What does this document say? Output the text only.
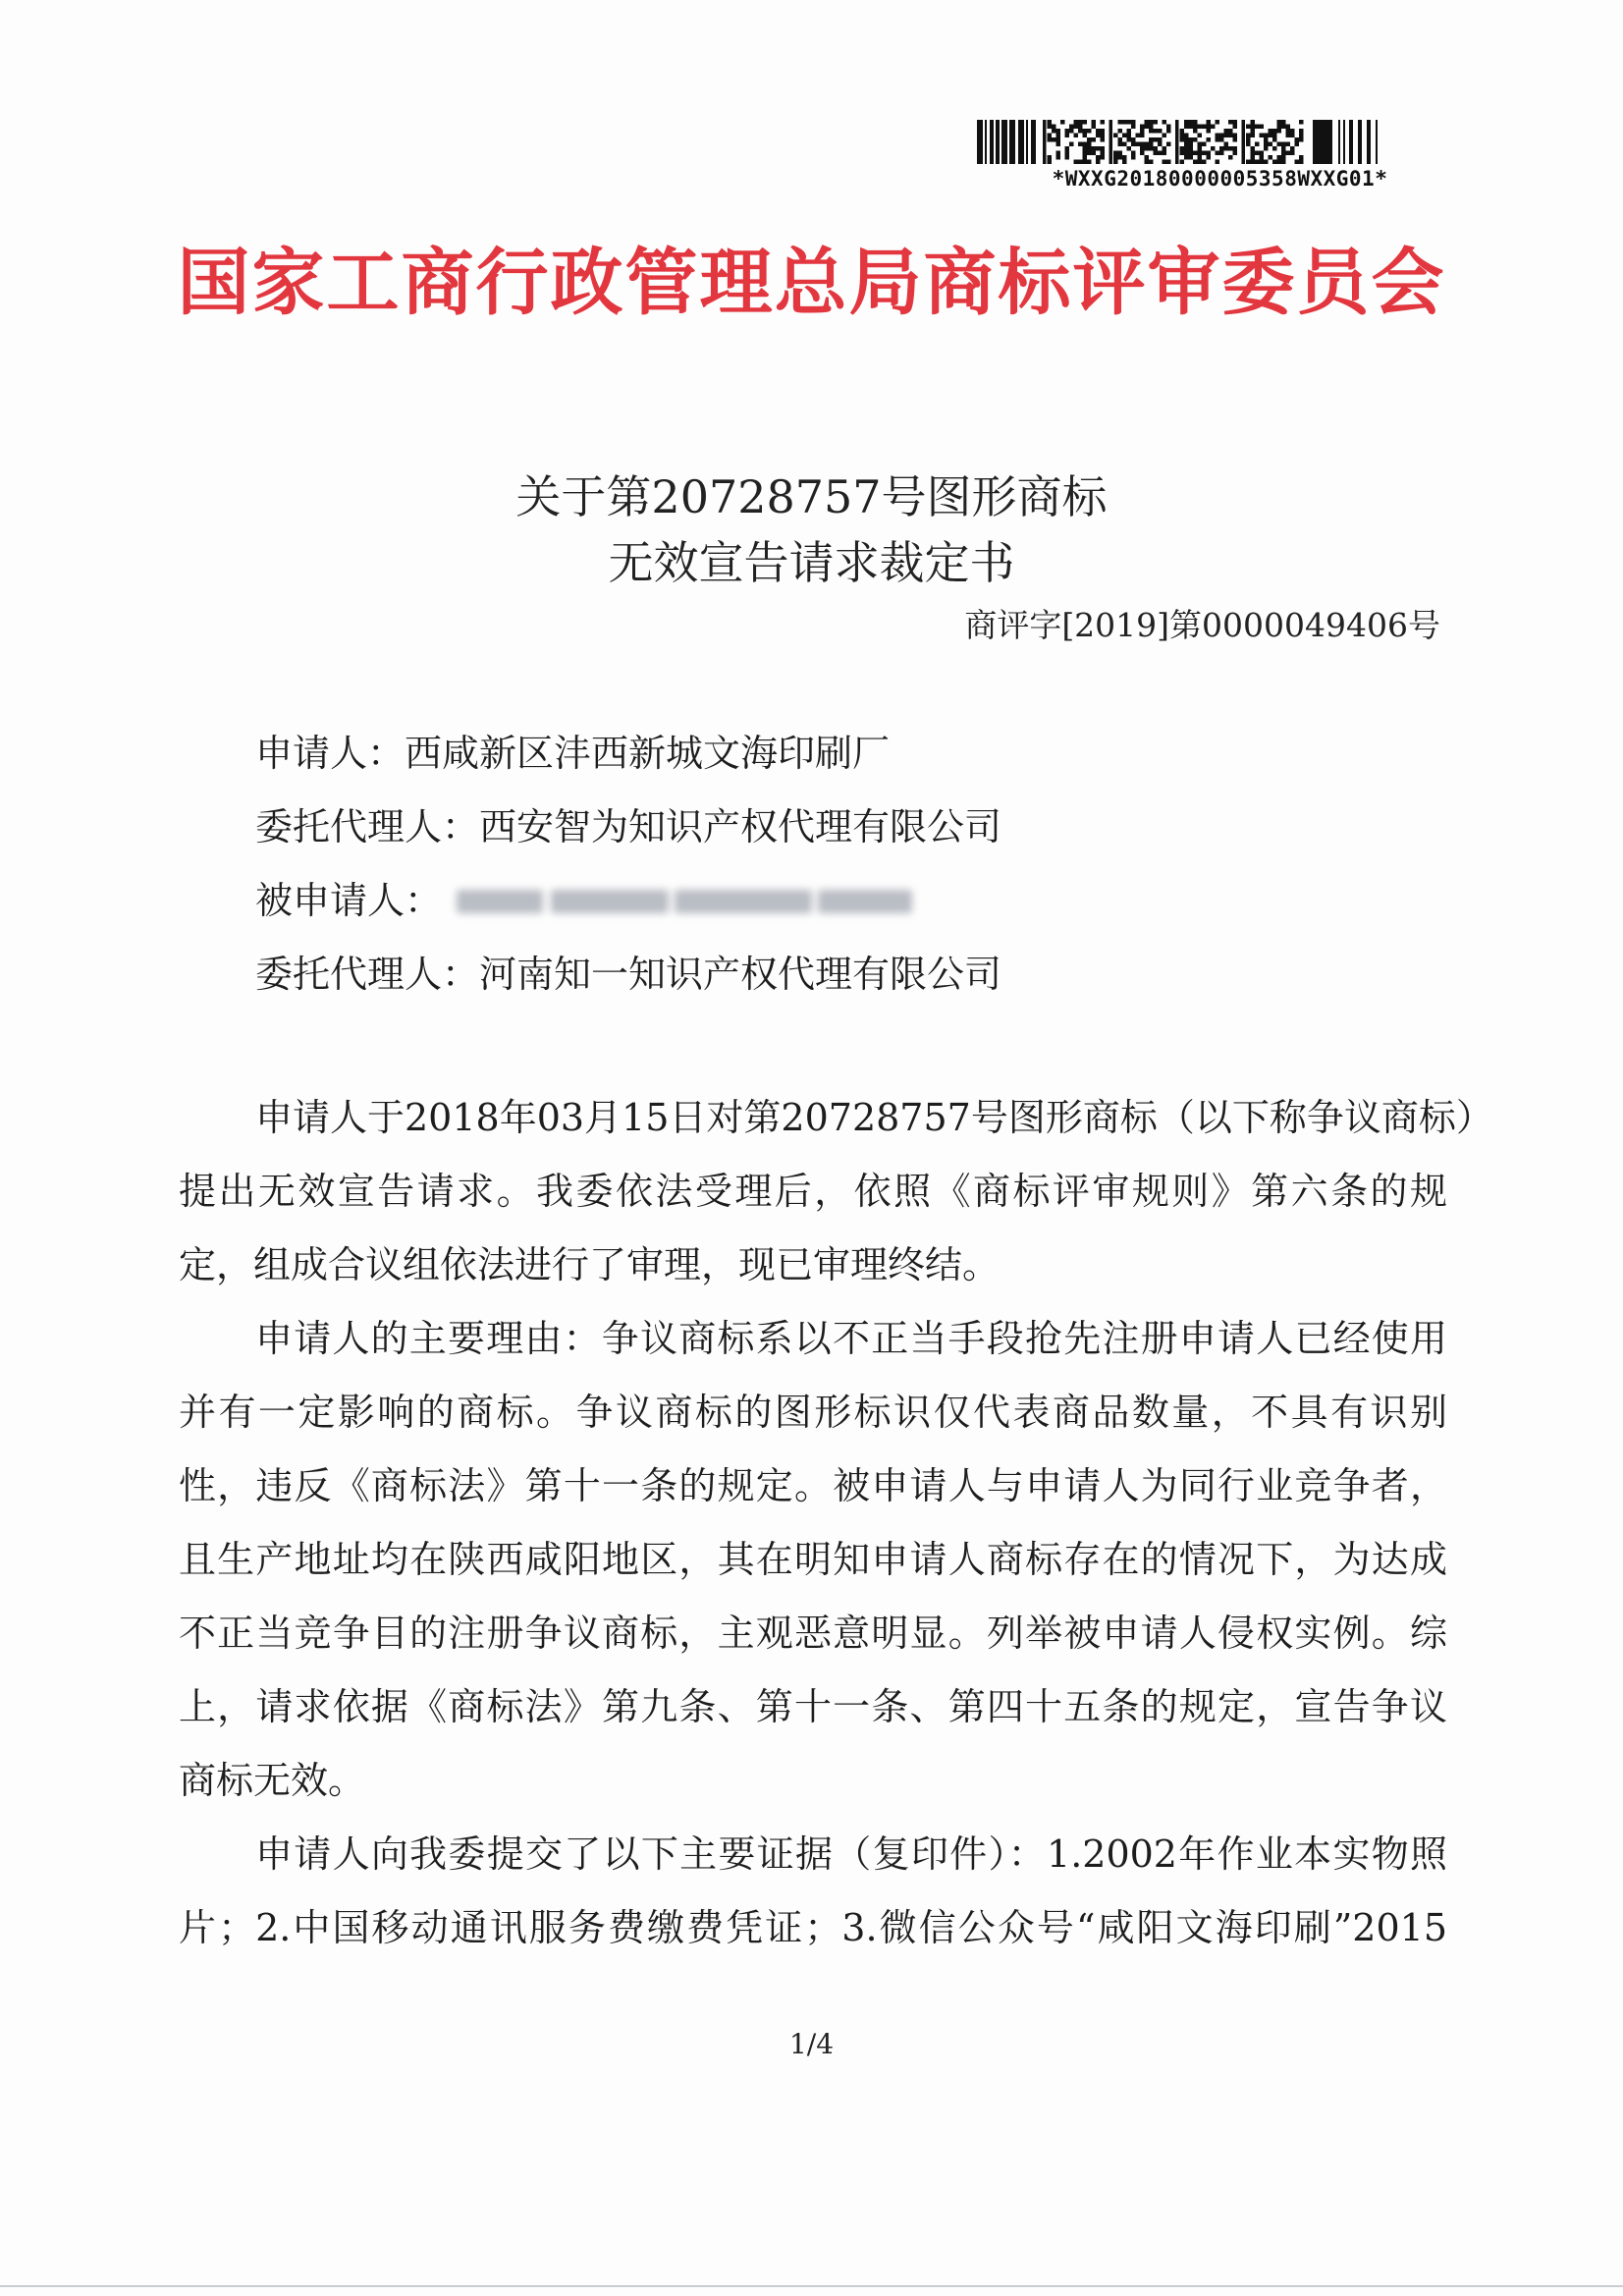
*WXXG20180000005358WXXG01*
国家工商行政管理总局商标评审委员会
关于第20728757号图形商标
无效宣告请求裁定书
商评字[2019]第0000049406号
申请人：西咸新区沣西新城文海印刷厂
委托代理人：西安智为知识产权代理有限公司
被申请人：
委托代理人：河南知一知识产权代理有限公司
申请人于2018年03月15日对第20728757号图形商标（以下称争议商标）
提出无效宣告请求。我委依法受理后，依照《商标评审规则》第六条的规
定，组成合议组依法进行了审理，现已审理终结。
申请人的主要理由：争议商标系以不正当手段抢先注册申请人已经使用
并有一定影响的商标。争议商标的图形标识仅代表商品数量，不具有识别
性，违反《商标法》第十一条的规定。被申请人与申请人为同行业竞争者，
且生产地址均在陕西咸阳地区，其在明知申请人商标存在的情况下，为达成
不正当竞争目的注册争议商标，主观恶意明显。列举被申请人侵权实例。综
上，请求依据《商标法》第九条、第十一条、第四十五条的规定，宣告争议
商标无效。
申请人向我委提交了以下主要证据（复印件）：1.2002年作业本实物照
片；2.中国移动通讯服务费缴费凭证；3.微信公众号“咸阳文海印刷”2015
1/4
